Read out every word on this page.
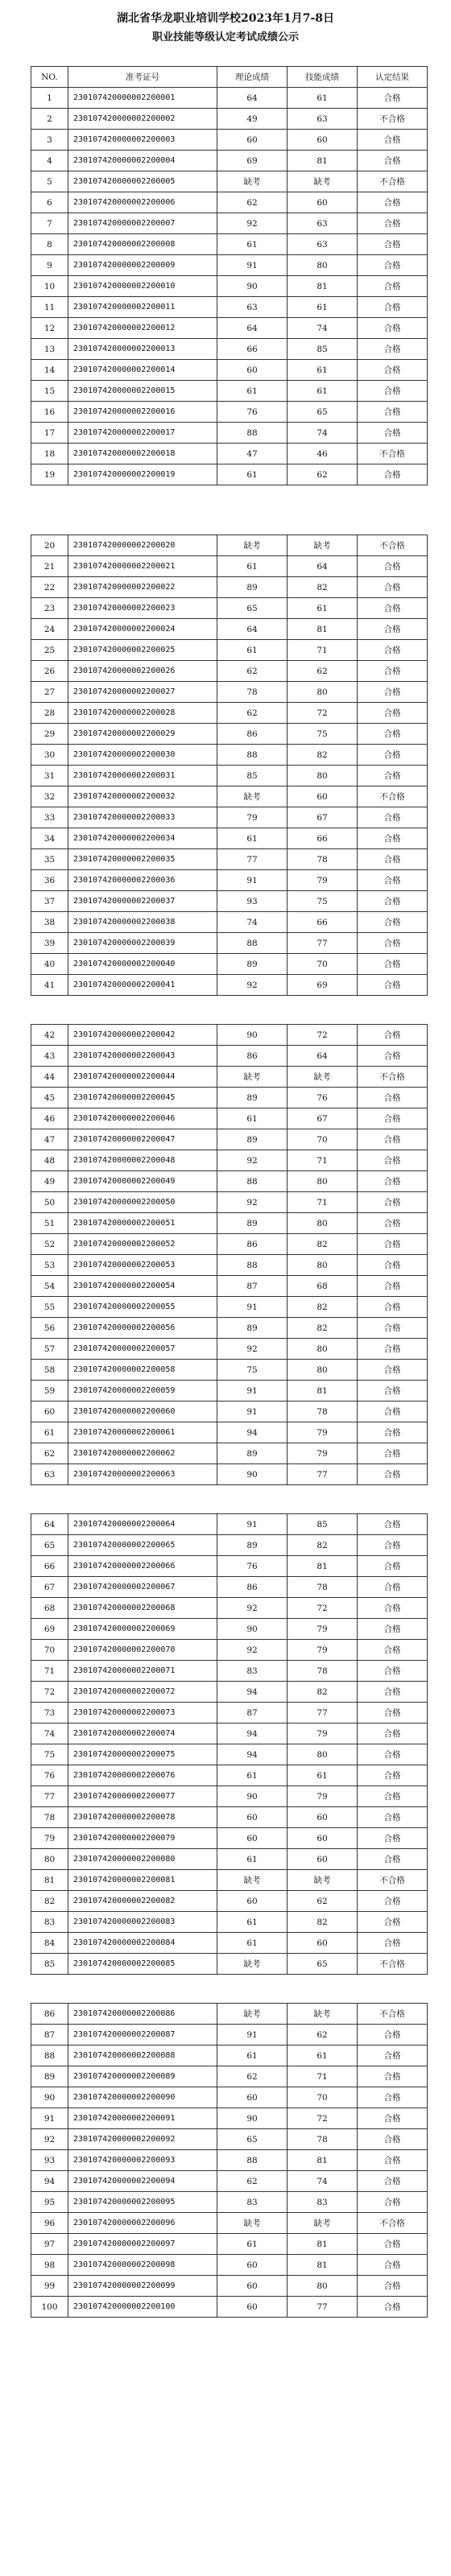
湖北省华龙职业培训学校2023年1月7-8日
职业技能等级认定考试成绩公示
NO.	准考证号	理论成绩	技能成绩	认定结果
1	230107420000002200001	64	61	合格
2	230107420000002200002	49	63	不合格
3	230107420000002200003	60	60	合格
4	230107420000002200004	69	81	合格
5	230107420000002200005	缺考	缺考	不合格
6	230107420000002200006	62	60	合格
7	230107420000002200007	92	63	合格
8	230107420000002200008	61	63	合格
9	230107420000002200009	91	80	合格
10	230107420000002200010	90	81	合格
11	230107420000002200011	63	61	合格
12	230107420000002200012	64	74	合格
13	230107420000002200013	66	85	合格
14	230107420000002200014	60	61	合格
15	230107420000002200015	61	61	合格
16	230107420000002200016	76	65	合格
17	230107420000002200017	88	74	合格
18	230107420000002200018	47	46	不合格
19	230107420000002200019	61	62	合格
20	230107420000002200020	缺考	缺考	不合格
21	230107420000002200021	61	64	合格
22	230107420000002200022	89	82	合格
23	230107420000002200023	65	61	合格
24	230107420000002200024	64	81	合格
25	230107420000002200025	61	71	合格
26	230107420000002200026	62	62	合格
27	230107420000002200027	78	80	合格
28	230107420000002200028	62	72	合格
29	230107420000002200029	86	75	合格
30	230107420000002200030	88	82	合格
31	230107420000002200031	85	80	合格
32	230107420000002200032	缺考	60	不合格
33	230107420000002200033	79	67	合格
34	230107420000002200034	61	66	合格
35	230107420000002200035	77	78	合格
36	230107420000002200036	91	79	合格
37	230107420000002200037	93	75	合格
38	230107420000002200038	74	66	合格
39	230107420000002200039	88	77	合格
40	230107420000002200040	89	70	合格
41	230107420000002200041	92	69	合格
42	230107420000002200042	90	72	合格
43	230107420000002200043	86	64	合格
44	230107420000002200044	缺考	缺考	不合格
45	230107420000002200045	89	76	合格
46	230107420000002200046	61	67	合格
47	230107420000002200047	89	70	合格
48	230107420000002200048	92	71	合格
49	230107420000002200049	88	80	合格
50	230107420000002200050	92	71	合格
51	230107420000002200051	89	80	合格
52	230107420000002200052	86	82	合格
53	230107420000002200053	88	80	合格
54	230107420000002200054	87	68	合格
55	230107420000002200055	91	82	合格
56	230107420000002200056	89	82	合格
57	230107420000002200057	92	80	合格
58	230107420000002200058	75	80	合格
59	230107420000002200059	91	81	合格
60	230107420000002200060	91	78	合格
61	230107420000002200061	94	79	合格
62	230107420000002200062	89	79	合格
63	230107420000002200063	90	77	合格
64	230107420000002200064	91	85	合格
65	230107420000002200065	89	82	合格
66	230107420000002200066	76	81	合格
67	230107420000002200067	86	78	合格
68	230107420000002200068	92	72	合格
69	230107420000002200069	90	79	合格
70	230107420000002200070	92	79	合格
71	230107420000002200071	83	78	合格
72	230107420000002200072	94	82	合格
73	230107420000002200073	87	77	合格
74	230107420000002200074	94	79	合格
75	230107420000002200075	94	80	合格
76	230107420000002200076	61	61	合格
77	230107420000002200077	90	79	合格
78	230107420000002200078	60	60	合格
79	230107420000002200079	60	60	合格
80	230107420000002200080	61	60	合格
81	230107420000002200081	缺考	缺考	不合格
82	230107420000002200082	60	62	合格
83	230107420000002200083	61	82	合格
84	230107420000002200084	61	60	合格
85	230107420000002200085	缺考	65	不合格
86	230107420000002200086	缺考	缺考	不合格
87	230107420000002200087	91	62	合格
88	230107420000002200088	61	61	合格
89	230107420000002200089	62	71	合格
90	230107420000002200090	60	70	合格
91	230107420000002200091	90	72	合格
92	230107420000002200092	65	78	合格
93	230107420000002200093	88	81	合格
94	230107420000002200094	62	74	合格
95	230107420000002200095	83	83	合格
96	230107420000002200096	缺考	缺考	不合格
97	230107420000002200097	61	81	合格
98	230107420000002200098	60	81	合格
99	230107420000002200099	60	80	合格
100	230107420000002200100	60	77	合格
